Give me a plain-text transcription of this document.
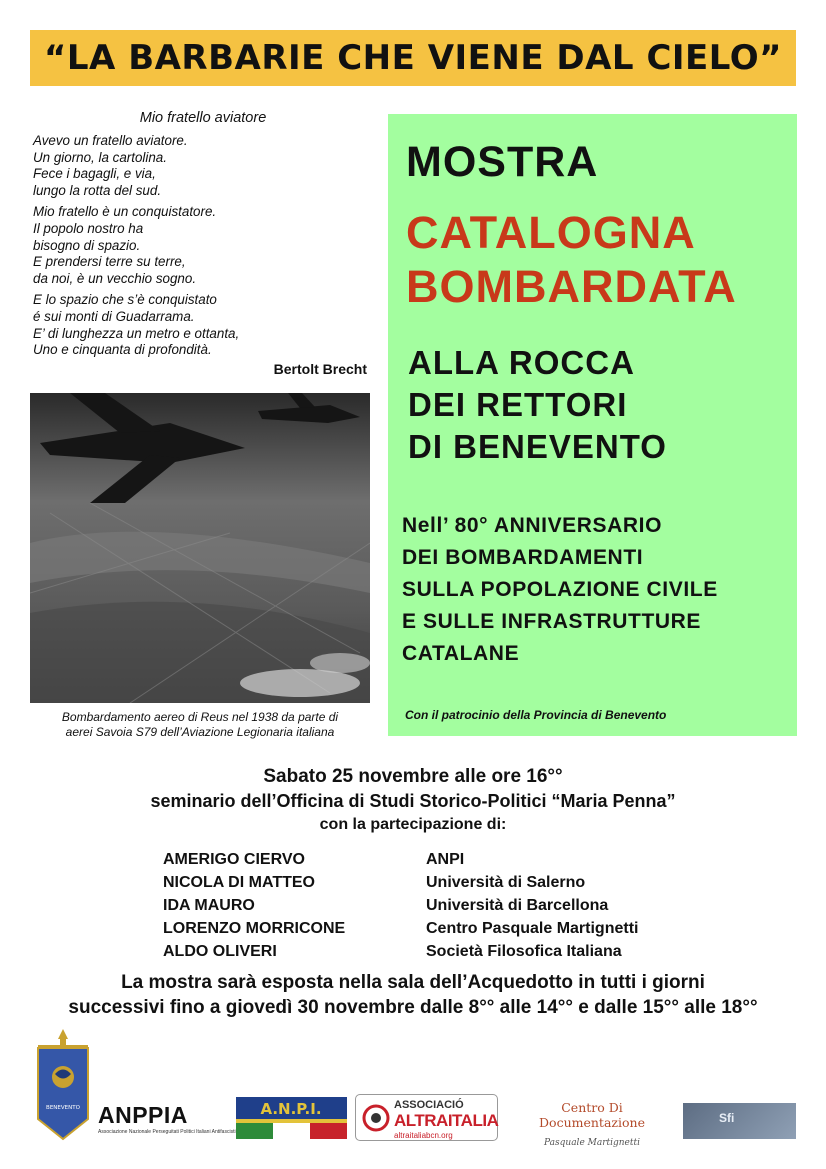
“LA BARBARIE CHE VIENE DAL CIELO”
Mio fratello aviatore
Avevo un fratello aviatore.
Un giorno, la cartolina.
Fece i bagagli, e via,
lungo la rotta del sud.
Mio fratello è un conquistatore.
Il popolo nostro ha
bisogno di spazio.
E prendersi terre su terre,
da noi, è un vecchio sogno.
E lo spazio che s’è conquistato
é sui monti di Guadarrama.
E’ di lunghezza un metro e ottanta,
Uno e cinquanta di profondità.
Bertolt Brecht
Bombardamento aereo di Reus nel 1938 da parte di
aerei Savoia S79 dell’Aviazione Legionaria italiana
MOSTRA
CATALOGNA
BOMBARDATA
ALLA ROCCA
DEI RETTORI
DI BENEVENTO
Nell’ 80° ANNIVERSARIO
DEI BOMBARDAMENTI
SULLA POPOLAZIONE CIVILE
E SULLE INFRASTRUTTURE
CATALANE
Con il patrocinio della Provincia di Benevento
Sabato 25 novembre alle ore 16°°
seminario dell’Officina di Studi Storico-Politici “Maria Penna”
con la partecipazione di:
AMERIGO CIERVO	ANPI
NICOLA DI MATTEO	Università di Salerno
IDA MAURO	Università di Barcellona
LORENZO MORRICONE	Centro Pasquale Martignetti
ALDO OLIVERI	Società Filosofica Italiana
La mostra sarà esposta nella sala dell’Acquedotto in tutti i giorni
successivi fino a giovedì 30 novembre dalle 8°° alle 14°° e dalle 15°° alle 18°°
BENEVENTO ANPPIA
Associazione Nazionale Perseguitati Politici Italiani Antifascisti
A.N.P.I.	ASSOCIACIÓ
ALTRAITALIA
altraitaliabcn.org
Centro Di Documentazione
Pasquale Martignetti
Sfi
